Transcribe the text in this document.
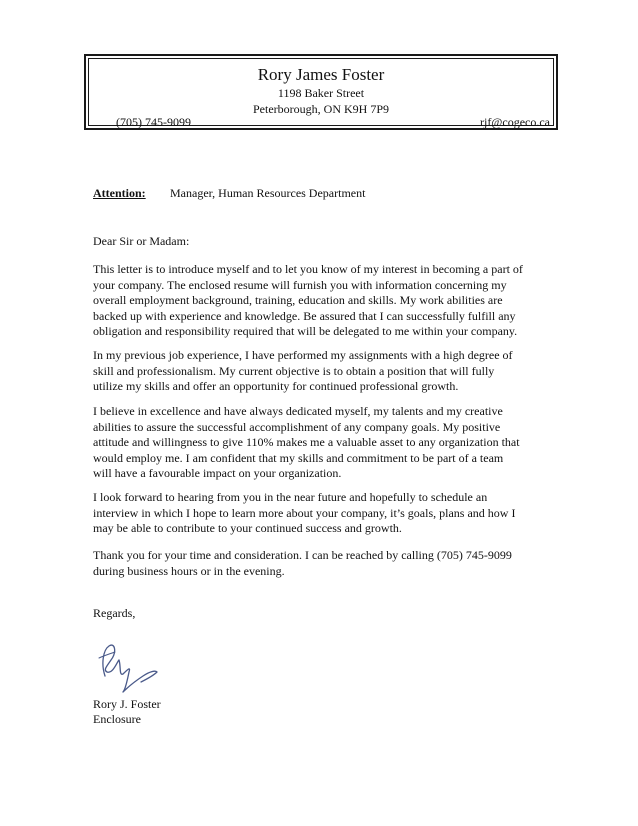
Rory James Foster
1198 Baker Street
Peterborough, ON K9H 7P9
(705) 745-9099	rjf@cogeco.ca
Attention: Manager, Human Resources Department
Dear Sir or Madam:
This letter is to introduce myself and to let you know of my interest in becoming a part of
your company. The enclosed resume will furnish you with information concerning my
overall employment background, training, education and skills. My work abilities are
backed up with experience and knowledge. Be assured that I can successfully fulfill any
obligation and responsibility required that will be delegated to me within your company.
In my previous job experience, I have performed my assignments with a high degree of
skill and professionalism. My current objective is to obtain a position that will fully
utilize my skills and offer an opportunity for continued professional growth.
I believe in excellence and have always dedicated myself, my talents and my creative
abilities to assure the successful accomplishment of any company goals. My positive
attitude and willingness to give 110% makes me a valuable asset to any organization that
would employ me. I am confident that my skills and commitment to be part of a team
will have a favourable impact on your organization.
I look forward to hearing from you in the near future and hopefully to schedule an
interview in which I hope to learn more about your company, it’s goals, plans and how I
may be able to contribute to your continued success and growth.
Thank you for your time and consideration. I can be reached by calling (705) 745-9099
during business hours or in the evening.
Regards,
Rory J. Foster
Enclosure
